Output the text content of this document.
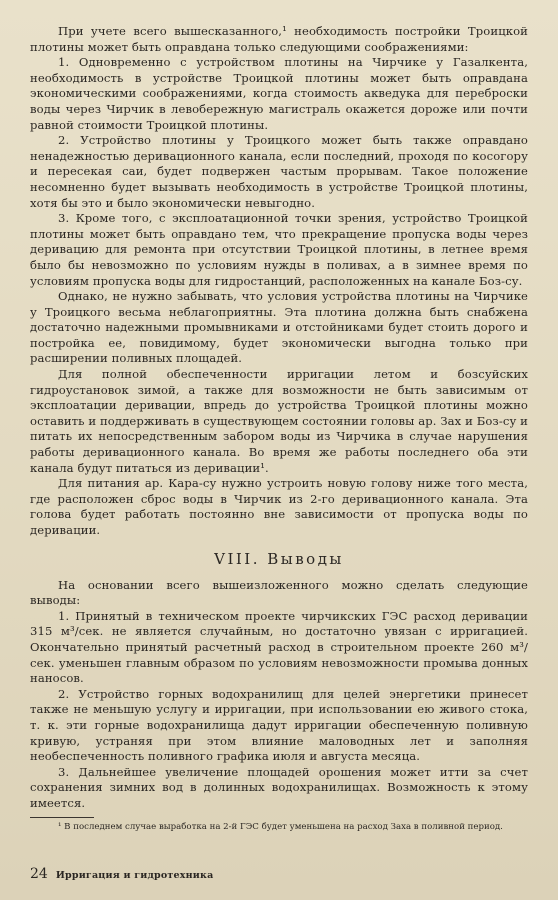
При учете всего вышесказанного,¹ необходимость постройки Троицкой плотины может быть оправдана только следующими соображениями:

1. Одновременно с устройством плотины на Чирчике у Газалкента, необходимость в устройстве Троицкой плотины может быть оправдана экономическими соображениями, когда стоимость акведука для переброски воды через Чирчик в левобережную магистраль окажется дороже или почти равной стоимости Троицкой плотины.

2. Устройство плотины у Троицкого может быть также оправдано ненадежностью деривационного канала, если последний, проходя по косогору и пересекая саи, будет подвержен частым прорывам. Такое положение несомненно будет вызывать необходимость в устройстве Троицкой плотины, хотя бы это и было экономически невыгодно.

3. Кроме того, с эксплоатационной точки зрения, устройство Троицкой плотины может быть оправдано тем, что прекращение пропуска воды через деривацию для ремонта при отсутствии Троицкой плотины, в летнее время было бы невозможно по условиям нужды в поливах, а в зимнее время по условиям пропуска воды для гидростанций, расположенных на канале Боз-су.

Однако, не нужно забывать, что условия устройства плотины на Чирчике у Троицкого весьма неблагоприятны. Эта плотина должна быть снабжена достаточно надежными промывниками и отстойниками будет стоить дорого и постройка ее, повидимому, будет экономически выгодна только при расширении поливных площадей.

Для полной обеспеченности ирригации летом и бозсуйских гидроустановок зимой, а также для возможности не быть зависимым от эксплоатации деривации, впредь до устройства Троицкой плотины можно оставить и поддерживать в существующем состоянии головы ар. Зах и Боз-су и питать их непосредственным забором воды из Чирчика в случае нарушения работы деривационного канала. Во время же работы последнего оба эти канала будут питаться из деривации¹.

Для питания ар. Кара-су нужно устроить новую голову ниже того места, где расположен сброс воды в Чирчик из 2-го деривационного канала. Эта голова будет работать постоянно вне зависимости от пропуска воды по деривации.

VIII. Выводы

На основании всего вышеизложенного можно сделать следующие выводы:

1. Принятый в техническом проекте чирчикских ГЭС расход деривации 315 м³/сек. не является случайным, но достаточно увязан с ирригацией. Окончательно принятый расчетный расход в строительном проекте 260 м³/сек. уменьшен главным образом по условиям невозможности промыва донных наносов.

2. Устройство горных водохранилищ для целей энергетики принесет также не меньшую услугу и ирригации, при использовании ею живого стока, т. к. эти горные водохранилища дадут ирригации обеспеченную поливную кривую, устраняя при этом влияние маловодных лет и заполняя необеспеченность поливного графика июля и августа месяца.

3. Дальнейшее увеличение площадей орошения может итти за счет сохранения зимних вод в долинных водохранилищах. Возможность к этому имеется.

¹ В последнем случае выработка на 2-й ГЭС будет уменьшена на расход Заха в поливной период.

24 Ирригация и гидротехника
